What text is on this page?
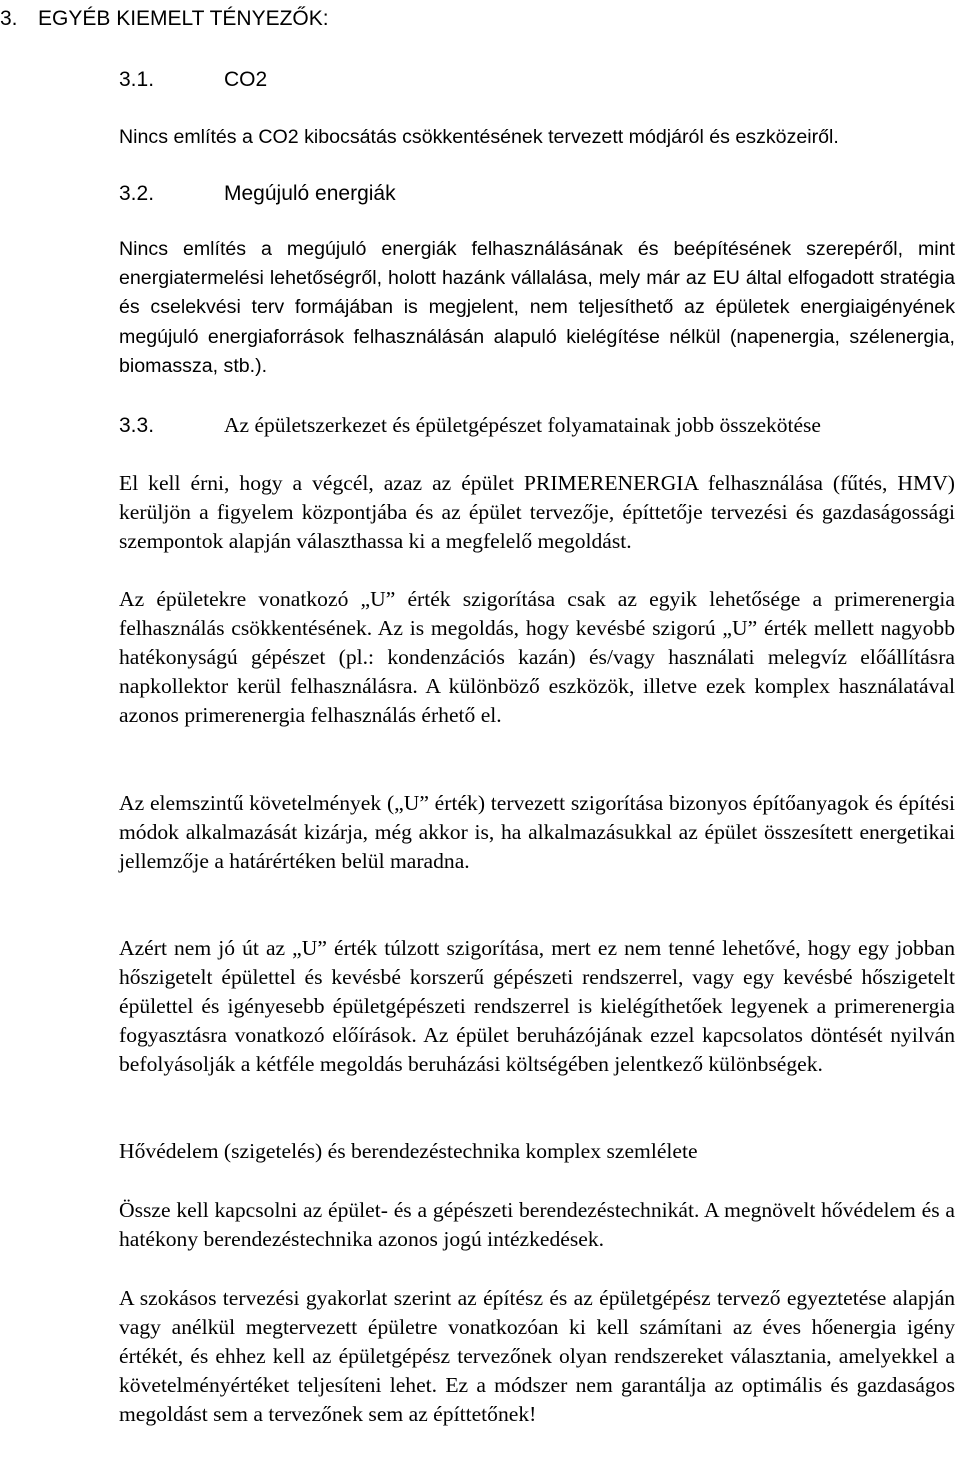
3. EGYÉB KIEMELT TÉNYEZŐK:
3.1.	CO2
Nincs említés a CO2 kibocsátás csökkentésének tervezett módjáról és eszközeiről.
3.2.	Megújuló energiák
Nincs említés a megújuló energiák felhasználásának és beépítésének szerepéről, mint energiatermelési lehetőségről, holott hazánk vállalása, mely már az EU által elfogadott stratégia és cselekvési terv formájában is megjelent, nem teljesíthető az épületek energiaigényének megújuló energiaforrások felhasználásán alapuló kielégítése nélkül (napenergia, szélenergia, biomassza, stb.).
3.3.	Az épületszerkezet és épületgépészet folyamatainak jobb összekötése
El kell érni, hogy a végcél, azaz az épület PRIMERENERGIA felhasználása (fűtés, HMV) kerüljön a figyelem központjába és az épület tervezője, építtetője tervezési és gazdaságossági szempontok alapján választhassa ki a megfelelő megoldást.
Az épületekre vonatkozó „U” érték szigorítása csak az egyik lehetősége a primerenergia felhasználás csökkentésének. Az is megoldás, hogy kevésbé szigorú „U” érték mellett nagyobb hatékonyságú gépészet (pl.: kondenzációs kazán) és/vagy használati melegvíz előállításra napkollektor kerül felhasználásra. A különböző eszközök, illetve ezek komplex használatával azonos primerenergia felhasználás érhető el.
Az elemszintű követelmények („U” érték) tervezett szigorítása bizonyos építőanyagok és építési módok alkalmazását kizárja, még akkor is, ha alkalmazásukkal az épület összesített energetikai jellemzője a határértéken belül maradna.
Azért nem jó út az „U” érték túlzott szigorítása, mert ez nem tenné lehetővé, hogy egy jobban hőszigetelt épülettel és kevésbé korszerű gépészeti rendszerrel, vagy egy kevésbé hőszigetelt épülettel és igényesebb épületgépészeti rendszerrel is kielégíthetőek legyenek a primerenergia fogyasztásra vonatkozó előírások. Az épület beruházójának ezzel kapcsolatos döntését nyilván befolyásolják a kétféle megoldás beruházási költségében jelentkező különbségek.
Hővédelem (szigetelés) és berendezéstechnika komplex szemlélete
Össze kell kapcsolni az épület- és a gépészeti berendezéstechnikát. A megnövelt hővédelem és a hatékony berendezéstechnika azonos jogú intézkedések.
A szokásos tervezési gyakorlat szerint az építész és az épületgépész tervező egyeztetése alapján vagy anélkül megtervezett épületre vonatkozóan ki kell számítani az éves hőenergia igény értékét, és ehhez kell az épületgépész tervezőnek olyan rendszereket választania, amelyekkel a követelményértéket teljesíteni lehet. Ez a módszer nem garantálja az optimális és gazdaságos megoldást sem a tervezőnek sem az építtetőnek!
